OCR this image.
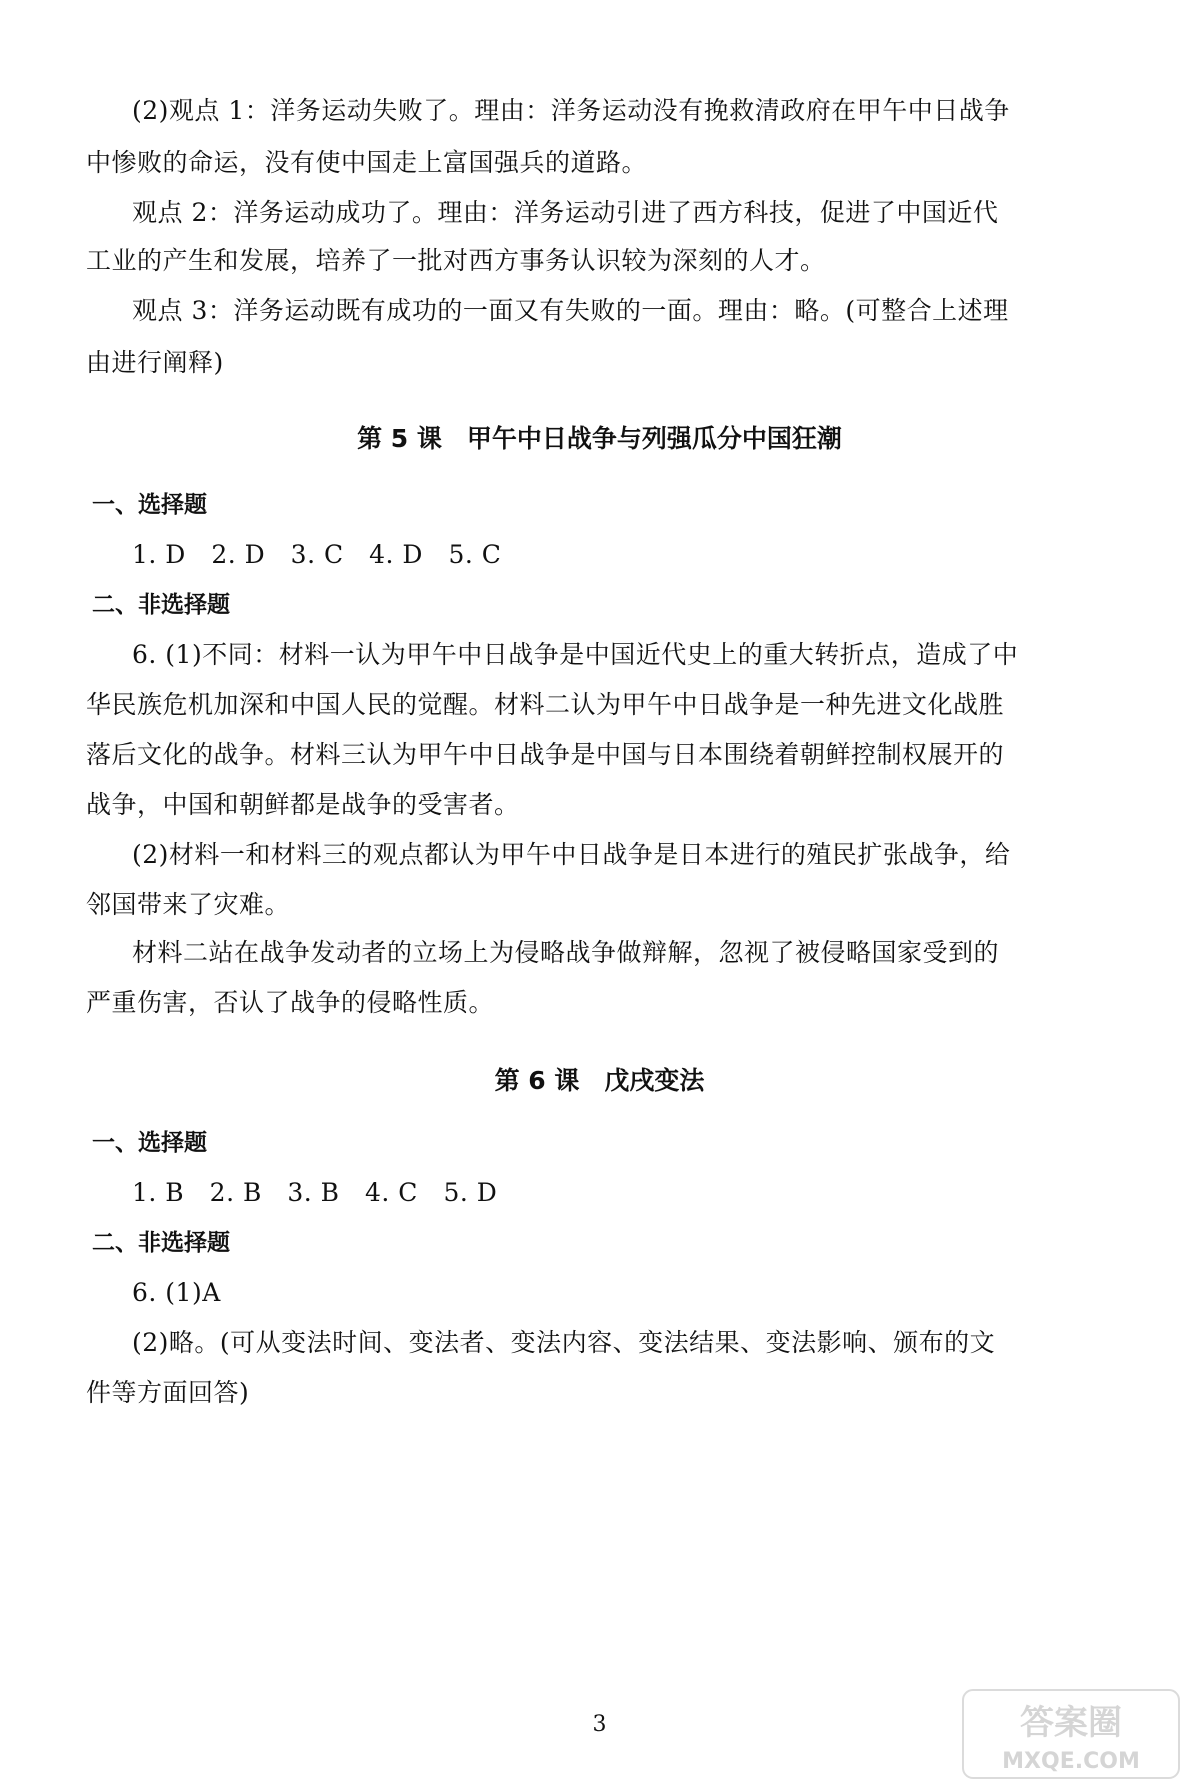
(2)观点 1：洋务运动失败了。理由：洋务运动没有挽救清政府在甲午中日战争
中惨败的命运，没有使中国走上富国强兵的道路。
观点 2：洋务运动成功了。理由：洋务运动引进了西方科技，促进了中国近代
工业的产生和发展，培养了一批对西方事务认识较为深刻的人才。
观点 3：洋务运动既有成功的一面又有失败的一面。理由：略。(可整合上述理
由进行阐释)
第 5 课　甲午中日战争与列强瓜分中国狂潮
一、选择题
1. D　2. D　3. C　4. D　5. C
二、非选择题
6. (1)不同：材料一认为甲午中日战争是中国近代史上的重大转折点，造成了中
华民族危机加深和中国人民的觉醒。材料二认为甲午中日战争是一种先进文化战胜
落后文化的战争。材料三认为甲午中日战争是中国与日本围绕着朝鲜控制权展开的
战争，中国和朝鲜都是战争的受害者。
(2)材料一和材料三的观点都认为甲午中日战争是日本进行的殖民扩张战争，给
邻国带来了灾难。
材料二站在战争发动者的立场上为侵略战争做辩解，忽视了被侵略国家受到的
严重伤害，否认了战争的侵略性质。
第 6 课　戊戌变法
一、选择题
1. B　2. B　3. B　4. C　5. D
二、非选择题
6. (1)A
(2)略。(可从变法时间、变法者、变法内容、变法结果、变法影响、颁布的文
件等方面回答)
3	答案圈
MXQE.COM
